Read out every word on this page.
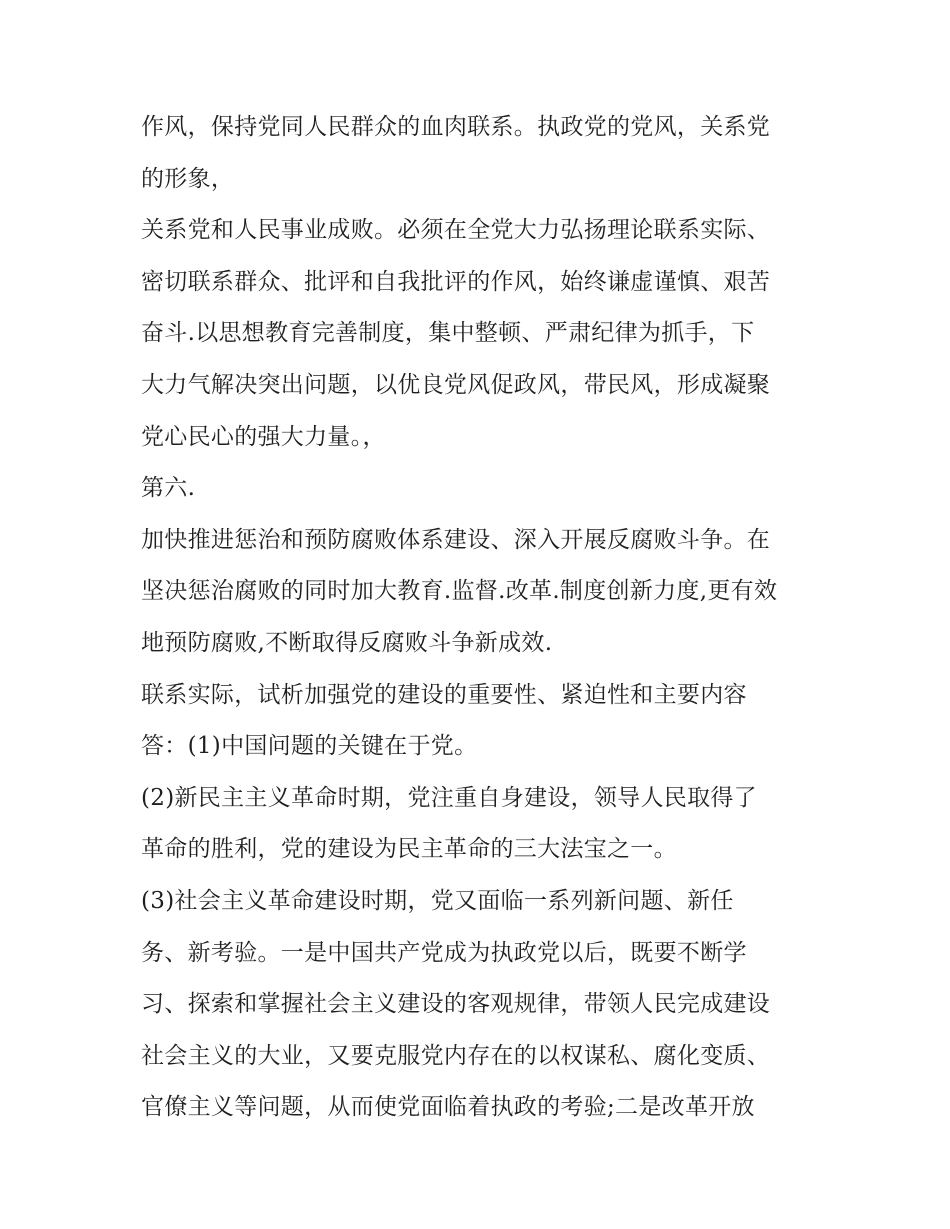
作风，保持党同人民群众的血肉联系。执政党的党风，关系党
的形象，
关系党和人民事业成败。必须在全党大力弘扬理论联系实际、
密切联系群众、批评和自我批评的作风，始终谦虚谨慎、艰苦
奋斗.以思想教育完善制度，集中整顿、严肃纪律为抓手，下
大力气解决突出问题，以优良党风促政风，带民风，形成凝聚
党心民心的强大力量。，
第六.
加快推进惩治和预防腐败体系建设、深入开展反腐败斗争。在
坚决惩治腐败的同时加大教育.监督.改革.制度创新力度,更有效
地预防腐败,不断取得反腐败斗争新成效.
联系实际，试析加强党的建设的重要性、紧迫性和主要内容
答：(1)中国问题的关键在于党。
(2)新民主主义革命时期，党注重自身建设，领导人民取得了
革命的胜利，党的建设为民主革命的三大法宝之一。
(3)社会主义革命建设时期，党又面临一系列新问题、新任
务、新考验。一是中国共产党成为执政党以后，既要不断学
习、探索和掌握社会主义建设的客观规律，带领人民完成建设
社会主义的大业，又要克服党内存在的以权谋私、腐化变质、
官僚主义等问题，从而使党面临着执政的考验;二是改革开放
